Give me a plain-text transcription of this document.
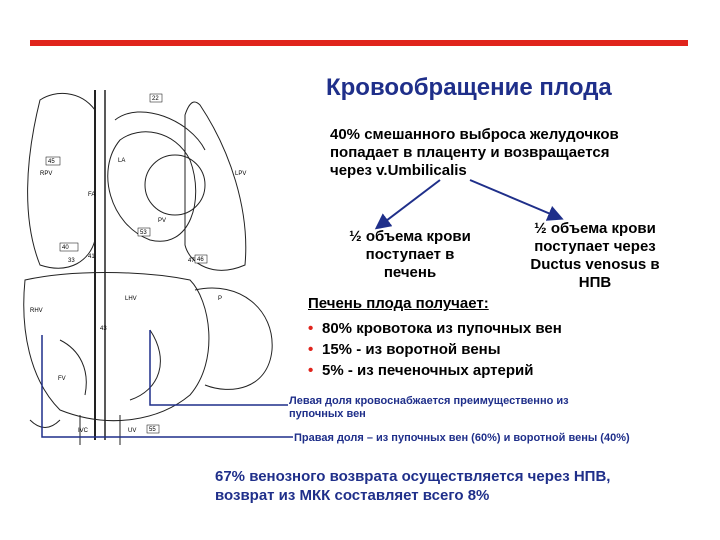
Кровообращение плода
40% смешанного выброса желудочков попадает в плаценту и возвращается через v.Umbilicalis
½ объема крови поступает в печень
½ объема крови поступает через Ductus venosus в НПВ
Печень плода получает:
• 80% кровотока из пупочных вен
• 15% - из воротной вены
• 5% - из печеночных артерий
Левая доля кровоснабжается преимущественно из пупочных вен
Правая доля – из пупочных вен (60%) и воротной вены (40%)
67% венозного возврата осуществляется через НПВ, возврат из МКК составляет всего 8%
45
RPV
LA
LPV
PV
FA
40
33
P
RHV
43
IVC
FV
UV 55
47
22
41	46
53
LHV
